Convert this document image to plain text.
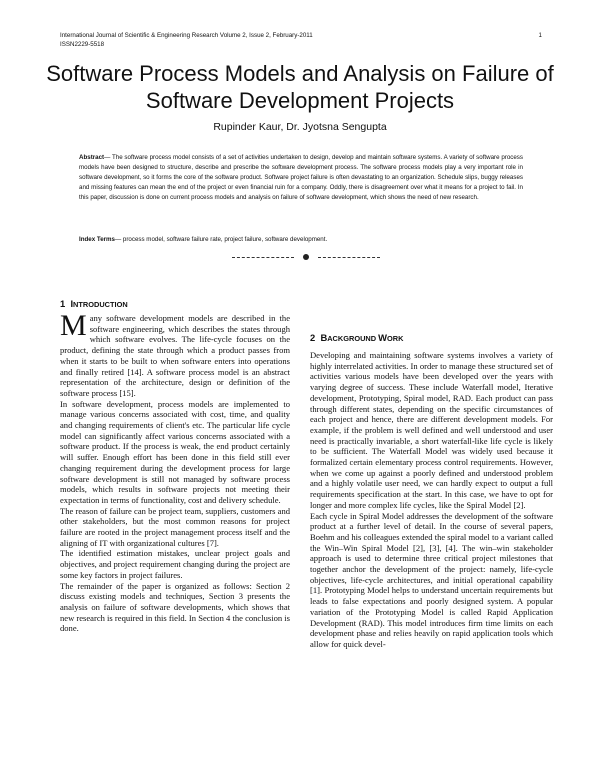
International Journal of Scientific & Engineering Research Volume 2, Issue 2, February-2011
ISSN2229-5518
1
Software Process Models and Analysis on Failure of Software Development Projects
Rupinder Kaur, Dr. Jyotsna Sengupta
Abstract— The software process model consists of a set of activities undertaken to design, develop and maintain software systems. A variety of software process models have been designed to structure, describe and prescribe the software development process. The software process models play a very important role in software development, so it forms the core of the software product. Software project failure is often devastating to an organization. Schedule slips, buggy releases and missing features can mean the end of the project or even financial ruin for a company. Oddly, there is disagreement over what it means for a project to fail. In this paper, discussion is done on current process models and analysis on failure of software development, which shows the need of new research.
Index Terms— process model, software failure rate, project failure, software development.
1 INTRODUCTION

Many software development models are described in the software engineering, which describes the states through which software evolves. The life-cycle focuses on the product, defining the state through which a product passes from when it starts to be built to when software enters into operations and finally retired [14]. A software process model is an abstract representation of the architecture, design or definition of the software process [15].

In software development, process models are implemented to manage various concerns associated with cost, time, and quality and changing requirements of client's etc. The particular life cycle model can significantly affect various concerns associated with a software product. If the process is weak, the end product certainly will suffer. Enough effort has been done in this field still ever changing requirement during the development process for large software development is still not managed by software process models, which results in software projects not meeting their expectation in terms of functionality, cost and delivery schedule.

The reason of failure can be project team, suppliers, customers and other stakeholders, but the most common reasons for project failure are rooted in the project management process itself and the aligning of IT with organizational cultures [7].

The identified estimation mistakes, unclear project goals and objectives, and project requirement changing during the project are some key factors in project failures.

The remainder of the paper is organized as follows: Section 2 discuss existing models and techniques, Section 3 presents the analysis on failure of software developments, which shows that new research is required in this field. In Section 4 the conclusion is done.

2 BACKGROUND WORK

Developing and maintaining software systems involves a variety of highly interrelated activities. In order to manage these structured set of activities various models have been developed over the years with varying degree of success. These include Waterfall model, Iterative development, Prototyping, Spiral model, RAD. Each product can pass through different states, depending on the specific circumstances of each project and hence, there are different development models. For example, if the problem is well defined and well understood and user need is practically invariable, a short waterfall-like life cycle is likely to be sufficient. The Waterfall Model was widely used because it formalized certain elementary process control requirements. However, when we come up against a poorly defined and understood problem and a highly volatile user need, we can hardly expect to output a full requirements specification at the start. In this case, we have to opt for longer and more complex life cycles, like the Spiral Model [2].

Each cycle in Spiral Model addresses the development of the software product at a further level of detail. In the course of several papers, Boehm and his colleagues extended the spiral model to a variant called the Win–Win Spiral Model [2], [3], [4]. The win–win stakeholder approach is used to determine three critical project milestones that together anchor the development of the project: namely, life-cycle objectives, life-cycle architectures, and initial operational capability [1]. Prototyping Model helps to understand uncertain requirements but leads to false expectations and poorly designed system. A popular variation of the Prototyping Model is called Rapid Application Development (RAD). This model introduces firm time limits on each development phase and relies heavily on rapid application tools which allow for quick devel-
